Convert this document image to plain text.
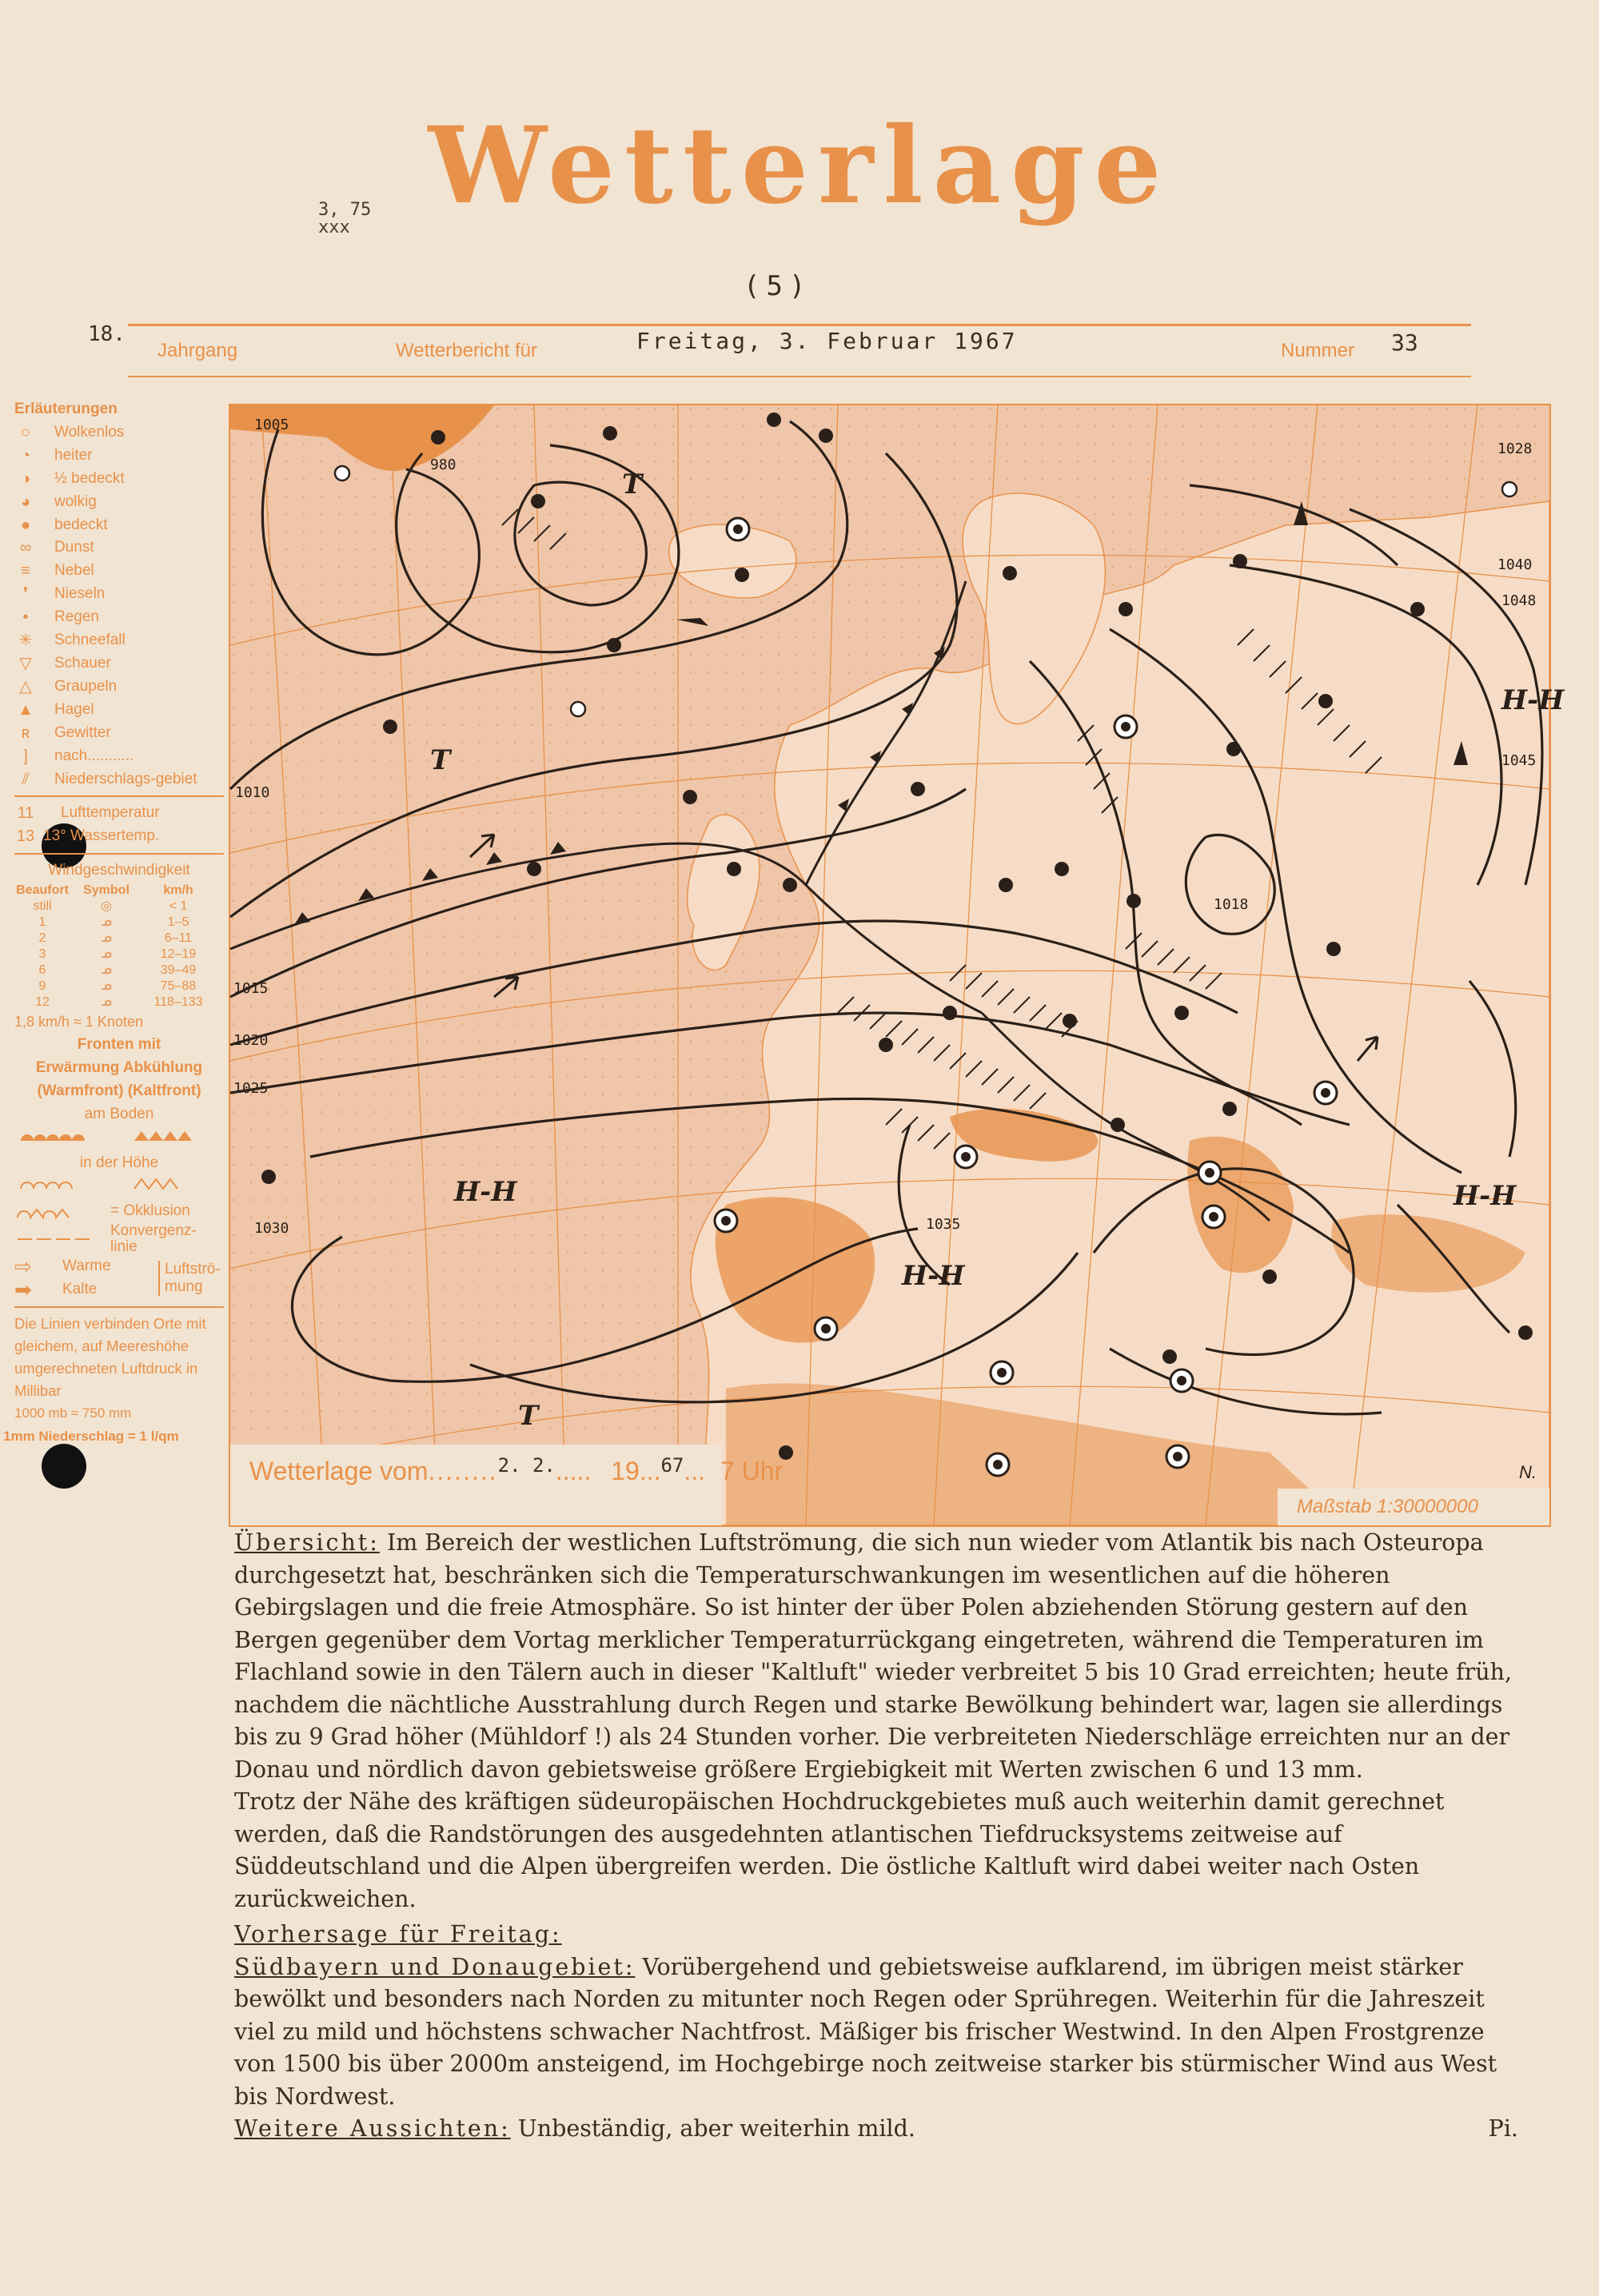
Wetterlage
3, 75
xxx
(5)
18.
Jahrgang	Wetterbericht für	Freitag, 3. Februar 1967	Nummer 33
Erläuterungen
○	Wolkenlos
◔	heiter
◑	½ bedeckt
◕	wolkig
●	bedeckt
∞	Dunst
≡	Nebel
❜	Nieseln
•	Regen
✳ Schneefall
▽	Schauer
△	Graupeln
▲ Hagel
ʀ	Gewitter
]	nach...........
⫽	Niederschlags-gebiet
11 Lufttemperatur
13 13° Wassertemp.
Windgeschwindigkeit
Beaufort	Symbol	km/h
still	◎	< 1
1	ᓄ	1–5
2	ᓄ	6–11
3	ᓄ	12–19
6	ᓄ	39–49
9	ᓄ	75–88
12	ᓄ	118–133
1,8 km/h ≈ 1 Knoten
Fronten mit
Erwärmung Abkühlung
(Warmfront) (Kaltfront)
am Boden
in der Höhe
= Okklusion
Konvergenz-linie
⇨	Warme
➡	Kalte
Luftströ-mung
Die Linien verbinden Orte mit gleichem, auf Meereshöhe umgerechneten Luftdruck in Millibar
1000 mb ≈ 750 mm
1mm Niederschlag = 1 l/qm
1005
980
1010
1015
1020
1025
1030	1035
1040
1045
1048
1028
1018
T
T
T
H-H
H-H
H-H
H-H
Wetterlage vom........$^{2. 2.}$..... 19...$^{67}$... 7 Uhr
Maßstab 1:30000000
N.

Übersicht: Im Bereich der westlichen Luftströmung, die sich nun wieder vom Atlantik bis nach Osteuropa durchgesetzt hat, beschränken sich die Temperaturschwankungen im wesentlichen auf die höheren Gebirgslagen und die freie Atmosphäre. So ist hinter der über Polen abziehenden Störung gestern auf den Bergen gegenüber dem Vortag merklicher Temperaturrückgang eingetreten, während die Temperaturen im Flachland sowie in den Tälern auch in dieser "Kaltluft" wieder verbreitet 5 bis 10 Grad erreichten; heute früh, nachdem die nächtliche Ausstrahlung durch Regen und starke Bewölkung behindert war, lagen sie allerdings bis zu 9 Grad höher (Mühldorf !) als 24 Stunden vorher. Die verbreiteten Niederschläge erreichten nur an der Donau und nördlich davon gebietsweise größere Ergiebigkeit mit Werten zwischen 6 und 13 mm.

Trotz der Nähe des kräftigen südeuropäischen Hochdruckgebietes muß auch weiterhin damit gerechnet werden, daß die Randstörungen des ausgedehnten atlantischen Tiefdrucksystems zeitweise auf Süddeutschland und die Alpen übergreifen werden. Die östliche Kaltluft wird dabei weiter nach Osten zurückweichen.

Vorhersage für Freitag:

Südbayern und Donaugebiet: Vorübergehend und gebietsweise aufklarend, im übrigen meist stärker bewölkt und besonders nach Norden zu mitunter noch Regen oder Sprühregen. Weiterhin für die Jahreszeit viel zu mild und höchstens schwacher Nachtfrost. Mäßiger bis frischer Westwind. In den Alpen Frostgrenze von 1500 bis über 2000m ansteigend, im Hochgebirge noch zeitweise starker bis stürmischer Wind aus West bis Nordwest.

Weitere Aussichten: Unbeständig, aber weiterhin mild.	Pi.
